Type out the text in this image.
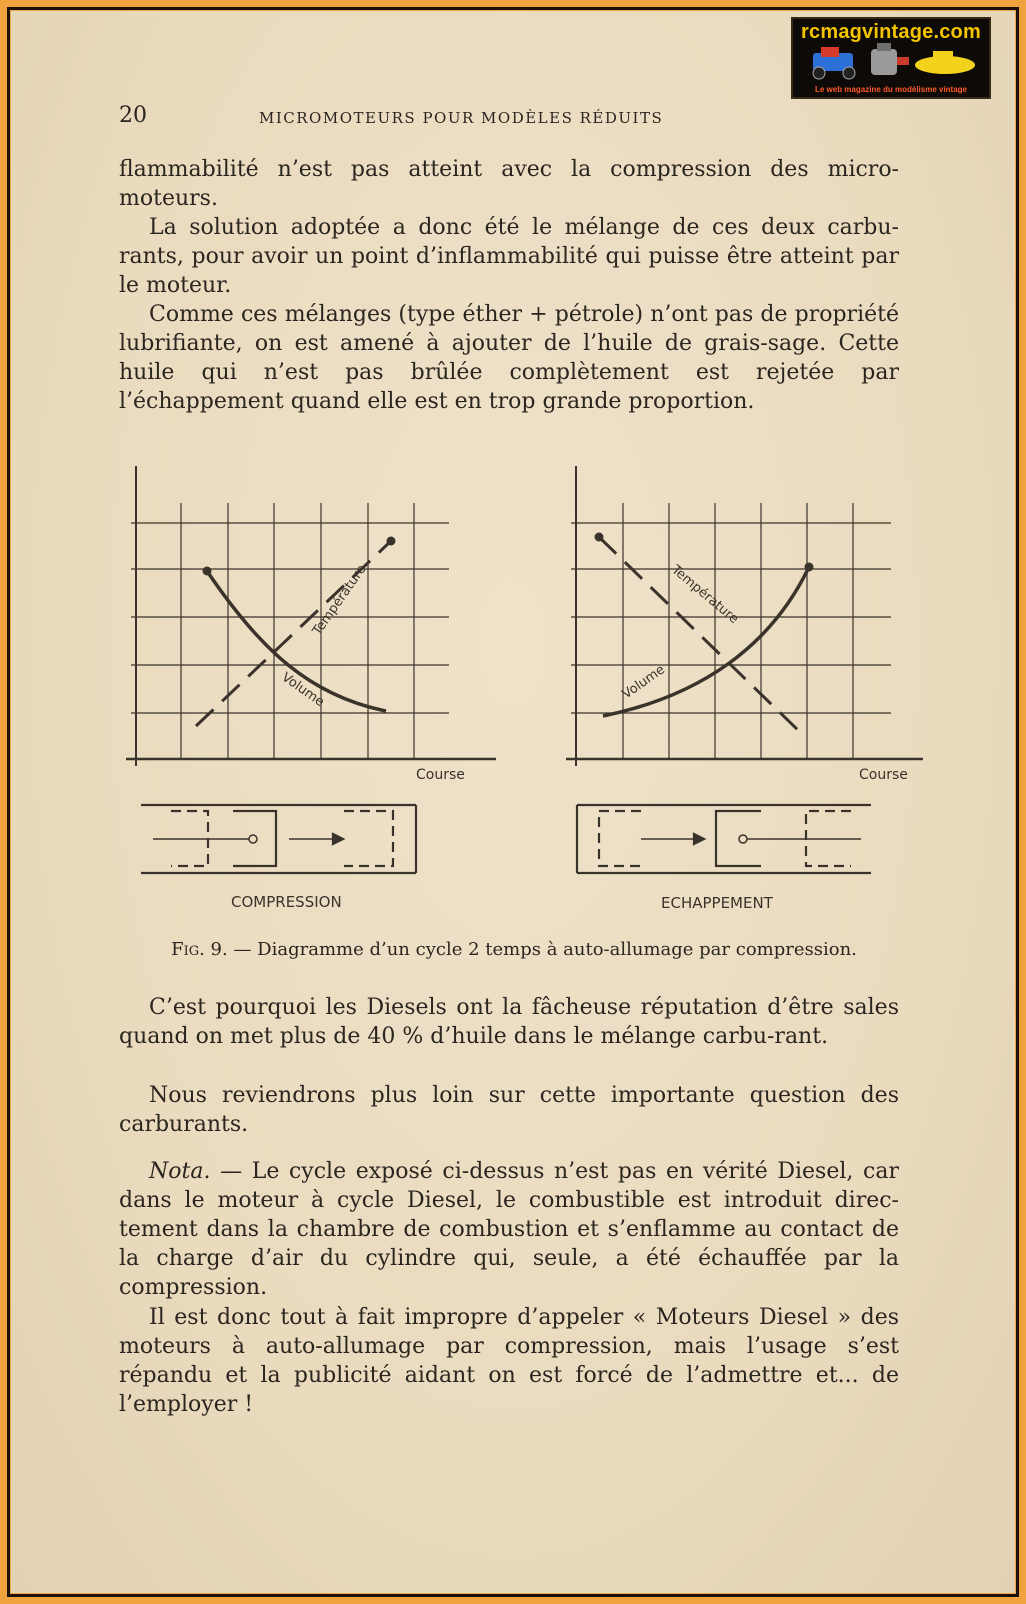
rcmagvintage.com
Le web magazine du modélisme vintage
20	MICROMOTEURS POUR MODÈLES RÉDUITS
flammabilité n’est pas atteint avec la compression des micro-moteurs.
La solution adoptée a donc été le mélange de ces deux carbu-rants, pour avoir un point d’inflammabilité qui puisse être atteint par le moteur.
Comme ces mélanges (type éther + pétrole) n’ont pas de propriété lubrifiante, on est amené à ajouter de l’huile de grais-sage. Cette huile qui n’est pas brûlée complètement est rejetée par l’échappement quand elle est en trop grande proportion.
Température
Volume
Course
COMPRESSION
Température
Volume
Course
ECHAPPEMENT
Fig. 9. — Diagramme d’un cycle 2 temps à auto-allumage par compression.
C’est pourquoi les Diesels ont la fâcheuse réputation d’être sales quand on met plus de 40 % d’huile dans le mélange carbu-rant.
Nous reviendrons plus loin sur cette importante question des carburants.
Nota. — Le cycle exposé ci-dessus n’est pas en vérité Diesel, car dans le moteur à cycle Diesel, le combustible est introduit direc-tement dans la chambre de combustion et s’enflamme au contact de la charge d’air du cylindre qui, seule, a été échauffée par la compression.
Il est donc tout à fait impropre d’appeler « Moteurs Diesel » des moteurs à auto-allumage par compression, mais l’usage s’est répandu et la publicité aidant on est forcé de l’admettre et... de l’employer !
